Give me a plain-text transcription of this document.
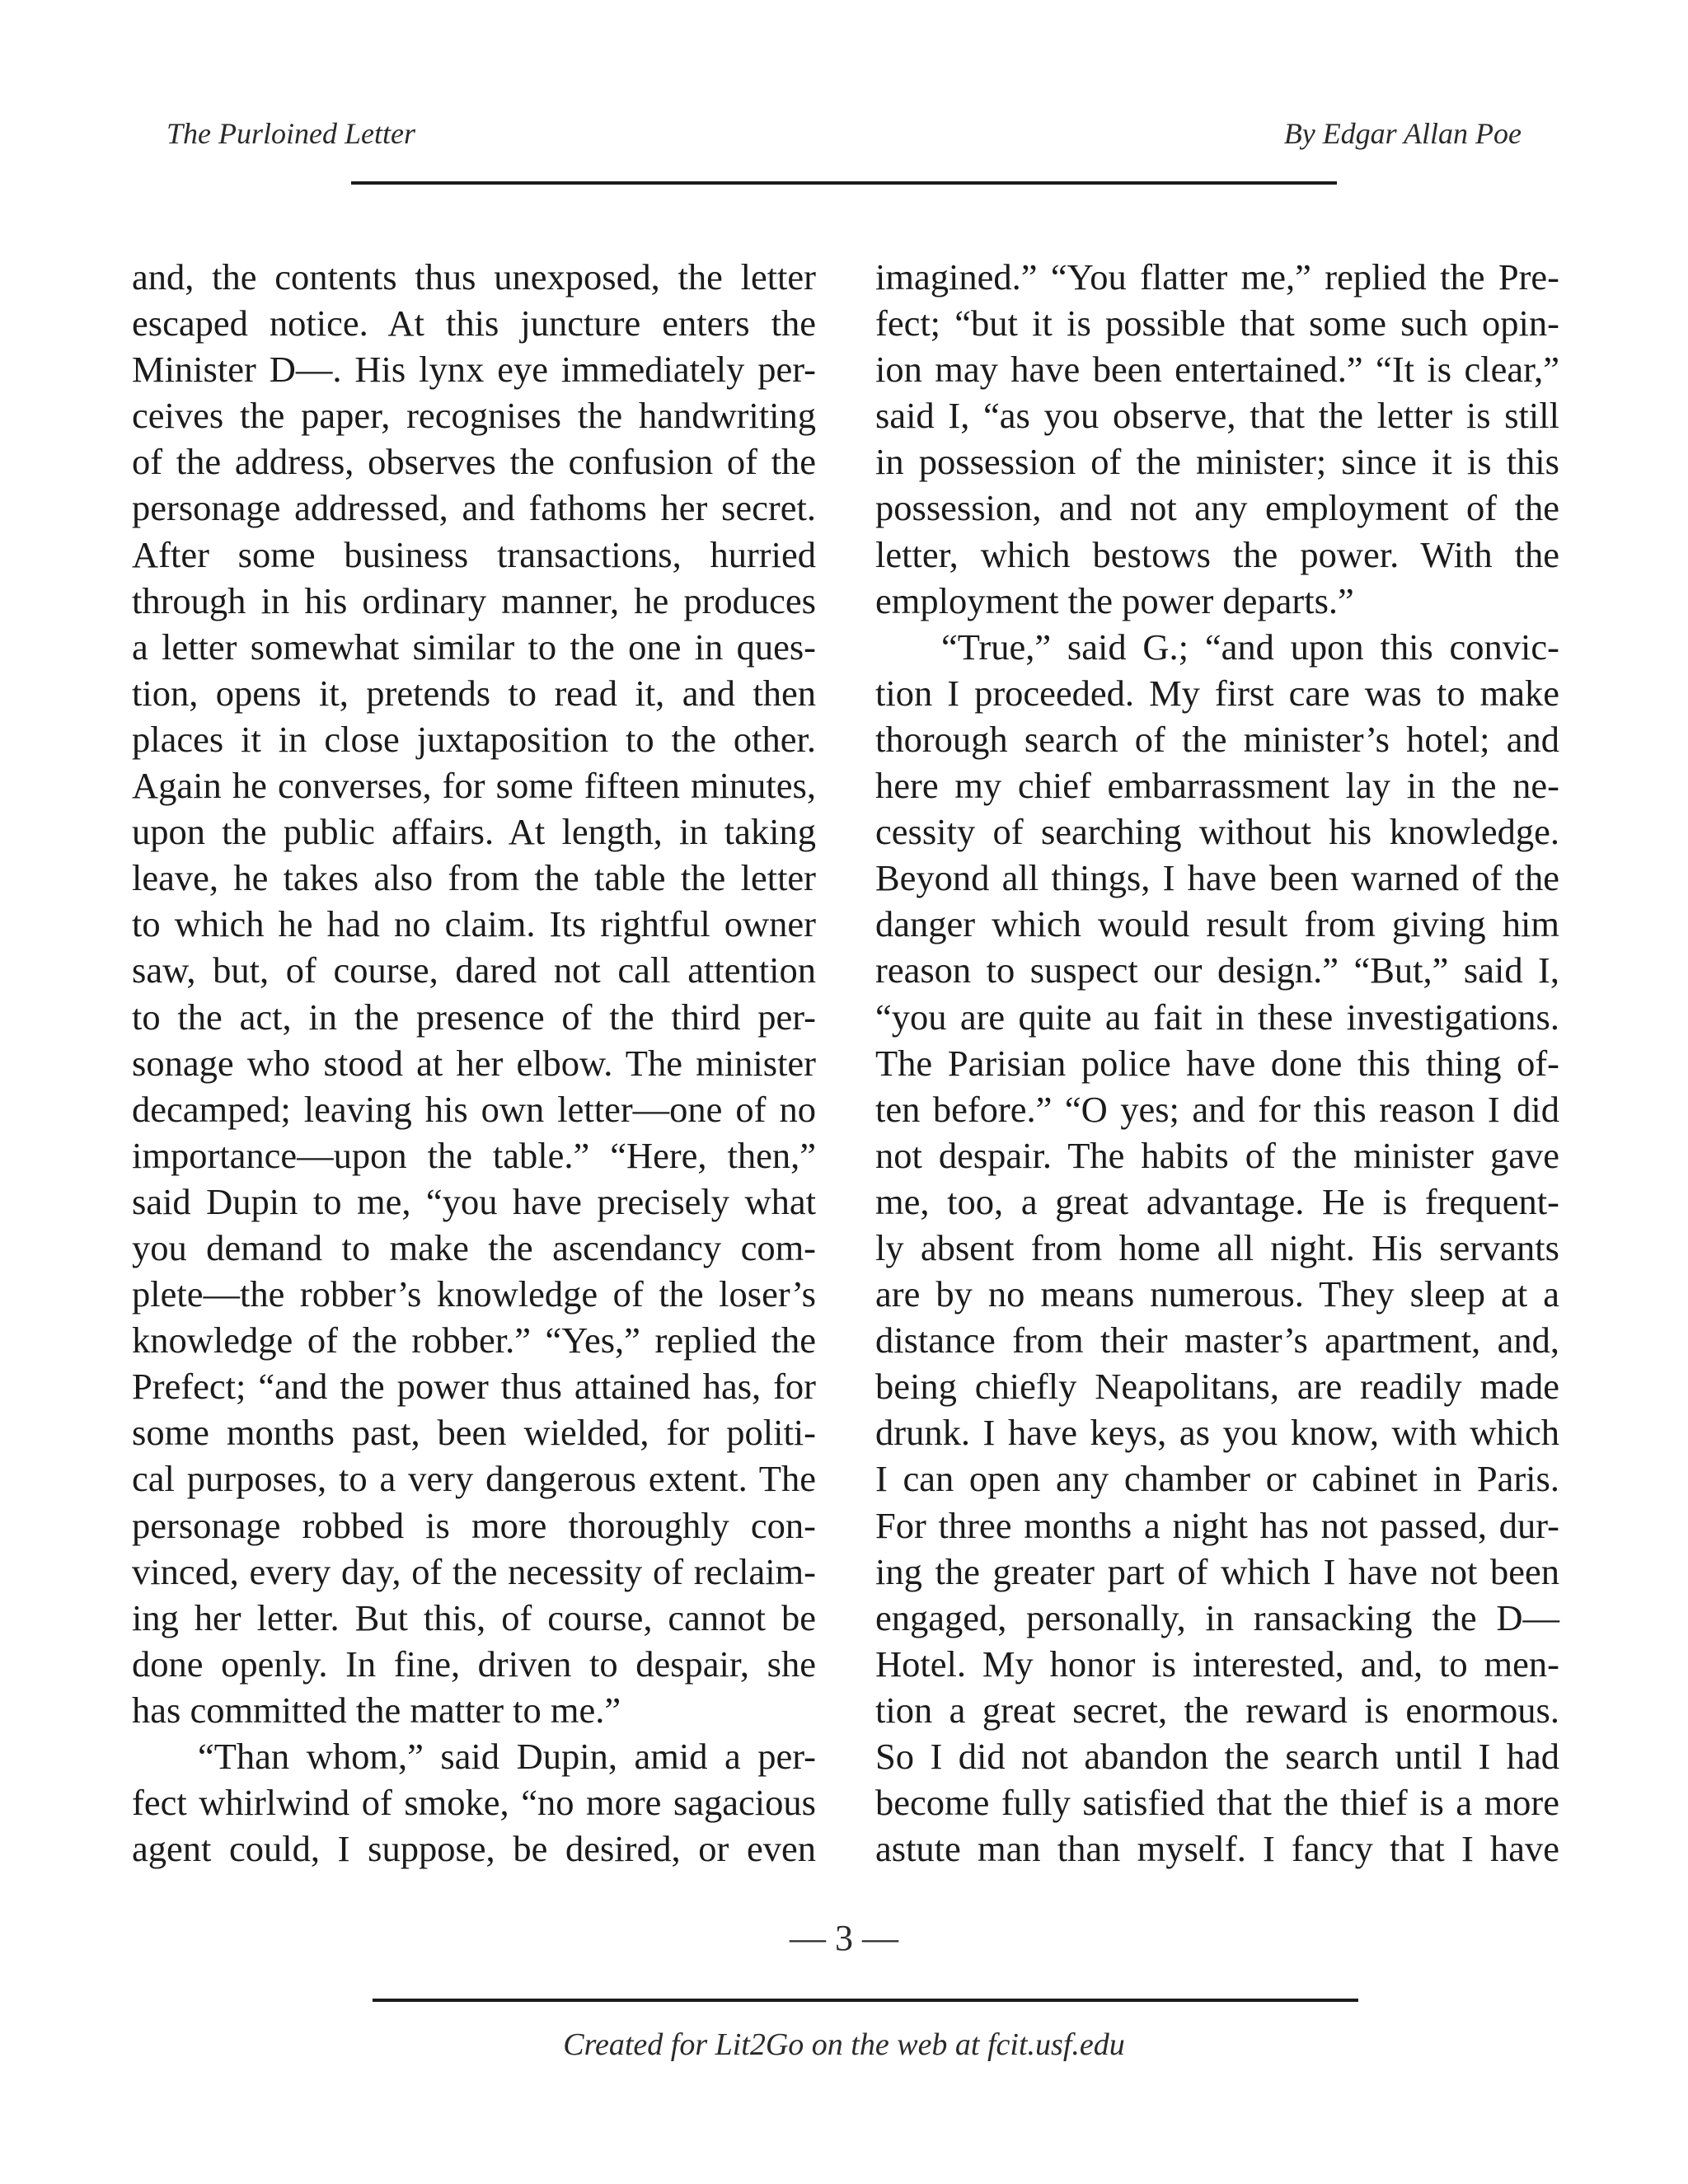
The Purloined Letter	By Edgar Allan Poe
and, the contents thus unexposed, the letter
escaped notice. At this juncture enters the
Minister D—. His lynx eye immediately per-
ceives the paper, recognises the handwriting
of the address, observes the confusion of the
personage addressed, and fathoms her secret.
After some business transactions, hurried
through in his ordinary manner, he produces
a letter somewhat similar to the one in ques-
tion, opens it, pretends to read it, and then
places it in close juxtaposition to the other.
Again he converses, for some fifteen minutes,
upon the public affairs. At length, in taking
leave, he takes also from the table the letter
to which he had no claim. Its rightful owner
saw, but, of course, dared not call attention
to the act, in the presence of the third per-
sonage who stood at her elbow. The minister
decamped; leaving his own letter—one of no
importance—upon the table.” “Here, then,”
said Dupin to me, “you have precisely what
you demand to make the ascendancy com-
plete—the robber’s knowledge of the loser’s
knowledge of the robber.” “Yes,” replied the
Prefect; “and the power thus attained has, for
some months past, been wielded, for politi-
cal purposes, to a very dangerous extent. The
personage robbed is more thoroughly con-
vinced, every day, of the necessity of reclaim-
ing her letter. But this, of course, cannot be
done openly. In fine, driven to despair, she
has committed the matter to me.”
“Than whom,” said Dupin, amid a per-
fect whirlwind of smoke, “no more sagacious
agent could, I suppose, be desired, or even
imagined.” “You flatter me,” replied the Pre-
fect; “but it is possible that some such opin-
ion may have been entertained.” “It is clear,”
said I, “as you observe, that the letter is still
in possession of the minister; since it is this
possession, and not any employment of the
letter, which bestows the power. With the
employment the power departs.”
“True,” said G.; “and upon this convic-
tion I proceeded. My first care was to make
thorough search of the minister’s hotel; and
here my chief embarrassment lay in the ne-
cessity of searching without his knowledge.
Beyond all things, I have been warned of the
danger which would result from giving him
reason to suspect our design.” “But,” said I,
“you are quite au fait in these investigations.
The Parisian police have done this thing of-
ten before.” “O yes; and for this reason I did
not despair. The habits of the minister gave
me, too, a great advantage. He is frequent-
ly absent from home all night. His servants
are by no means numerous. They sleep at a
distance from their master’s apartment, and,
being chiefly Neapolitans, are readily made
drunk. I have keys, as you know, with which
I can open any chamber or cabinet in Paris.
For three months a night has not passed, dur-
ing the greater part of which I have not been
engaged, personally, in ransacking the D—
Hotel. My honor is interested, and, to men-
tion a great secret, the reward is enormous.
So I did not abandon the search until I had
become fully satisfied that the thief is a more
astute man than myself. I fancy that I have
— 3 —
Created for Lit2Go on the web at fcit.usf.edu
